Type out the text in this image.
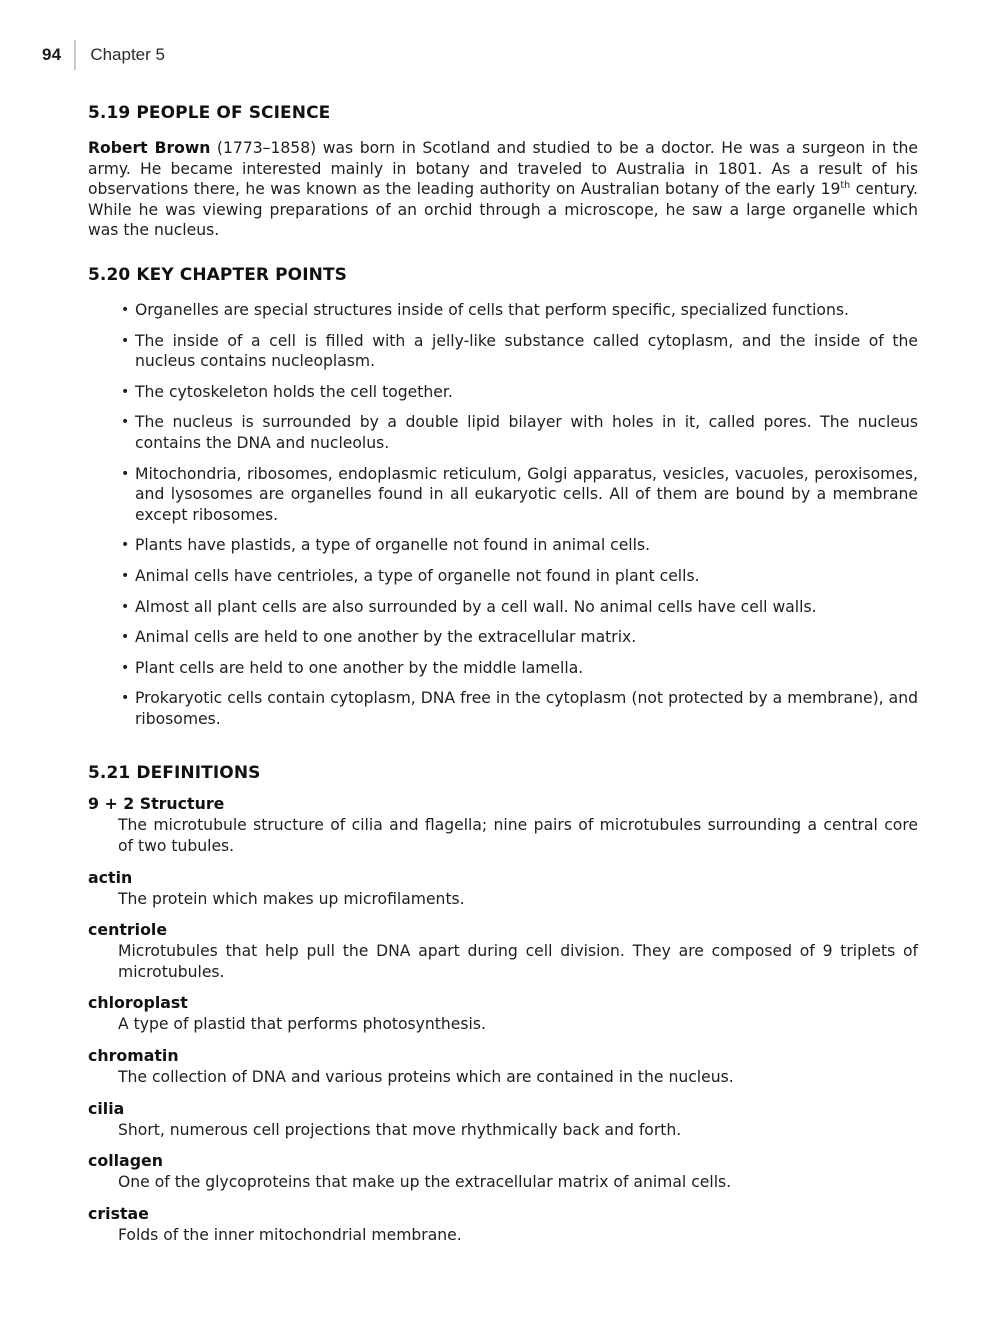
94 Chapter 5
5.19 PEOPLE OF SCIENCE

Robert Brown (1773–1858) was born in Scotland and studied to be a doctor. He was a surgeon in the army. He became interested mainly in botany and traveled to Australia in 1801. As a result of his observations there, he was known as the leading authority on Australian botany of the early 19th century. While he was viewing preparations of an orchid through a microscope, he saw a large organelle which was the nucleus.

5.20 KEY CHAPTER POINTS
• Organelles are special structures inside of cells that perform specific, specialized functions.
• The inside of a cell is filled with a jelly-like substance called cytoplasm, and the inside of the nucleus contains nucleoplasm.
• The cytoskeleton holds the cell together.
• The nucleus is surrounded by a double lipid bilayer with holes in it, called pores. The nucleus contains the DNA and nucleolus.
• Mitochondria, ribosomes, endoplasmic reticulum, Golgi apparatus, vesicles, vacuoles, peroxisomes, and lysosomes are organelles found in all eukaryotic cells. All of them are bound by a membrane except ribosomes.
• Plants have plastids, a type of organelle not found in animal cells.
• Animal cells have centrioles, a type of organelle not found in plant cells.
• Almost all plant cells are also surrounded by a cell wall. No animal cells have cell walls.
• Animal cells are held to one another by the extracellular matrix.
• Plant cells are held to one another by the middle lamella.
• Prokaryotic cells contain cytoplasm, DNA free in the cytoplasm (not protected by a membrane), and ribosomes.
5.21 DEFINITIONS
9 + 2 Structure
The microtubule structure of cilia and flagella; nine pairs of microtubules surrounding a central core of two tubules.
actin
The protein which makes up microfilaments.
centriole
Microtubules that help pull the DNA apart during cell division. They are composed of 9 triplets of microtubules.
chloroplast
A type of plastid that performs photosynthesis.
chromatin
The collection of DNA and various proteins which are contained in the nucleus.
cilia
Short, numerous cell projections that move rhythmically back and forth.
collagen
One of the glycoproteins that make up the extracellular matrix of animal cells.
cristae
Folds of the inner mitochondrial membrane.
